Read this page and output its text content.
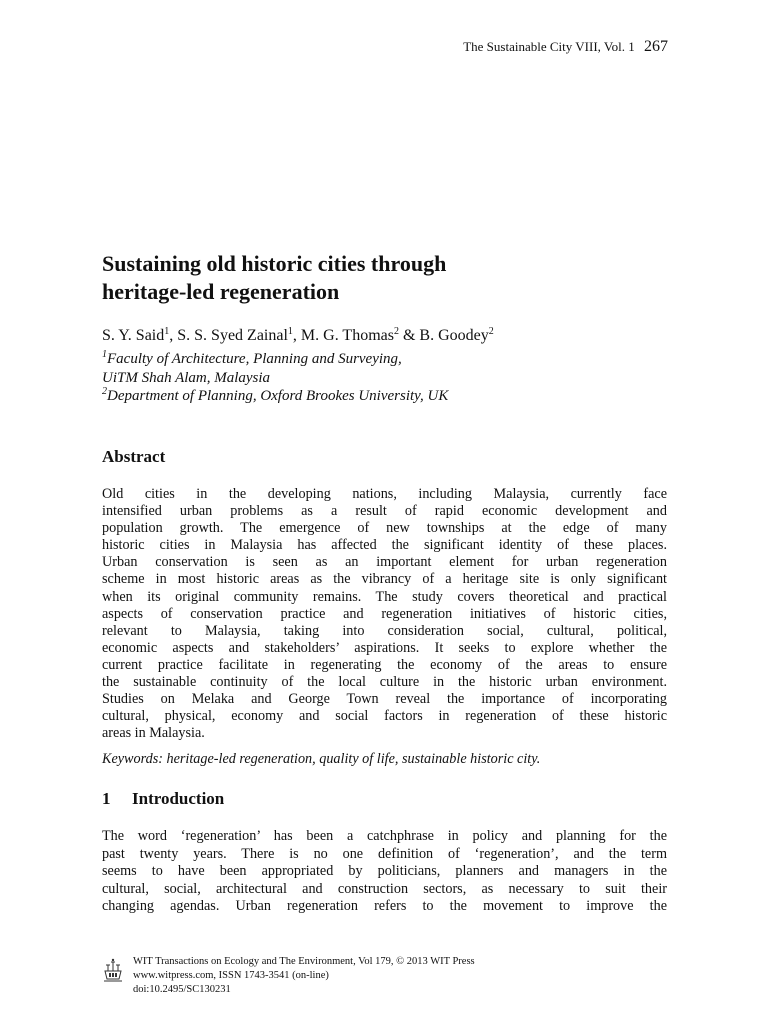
The Sustainable City VIII, Vol. 1 267
Sustaining old historic cities through
heritage-led regeneration
S. Y. Said$^1$, S. S. Syed Zainal$^1$, M. G. Thomas$^2$ & B. Goodey$^2$
$^1$Faculty of Architecture, Planning and Surveying,
UiTM Shah Alam, Malaysia
$^2$Department of Planning, Oxford Brookes University, UK
Abstract
Old cities in the developing nations, including Malaysia, currently face
intensified urban problems as a result of rapid economic development and
population growth. The emergence of new townships at the edge of many
historic cities in Malaysia has affected the significant identity of these places.
Urban conservation is seen as an important element for urban regeneration
scheme in most historic areas as the vibrancy of a heritage site is only significant
when its original community remains. The study covers theoretical and practical
aspects of conservation practice and regeneration initiatives of historic cities,
relevant to Malaysia, taking into consideration social, cultural, political,
economic aspects and stakeholders’ aspirations. It seeks to explore whether the
current practice facilitate in regenerating the economy of the areas to ensure
the sustainable continuity of the local culture in the historic urban environment.
Studies on Melaka and George Town reveal the importance of incorporating
cultural, physical, economy and social factors in regeneration of these historic
areas in Malaysia.
Keywords: heritage-led regeneration, quality of life, sustainable historic city.
1 Introduction
The word ‘regeneration’ has been a catchphrase in policy and planning for the
past twenty years. There is no one definition of ‘regeneration’, and the term
seems to have been appropriated by politicians, planners and managers in the
cultural, social, architectural and construction sectors, as necessary to suit their
changing agendas. Urban regeneration refers to the movement to improve the
WIT Transactions on Ecology and The Environment, Vol 179, © 2013 WIT Press
www.witpress.com, ISSN 1743-3541 (on-line)
doi:10.2495/SC130231
